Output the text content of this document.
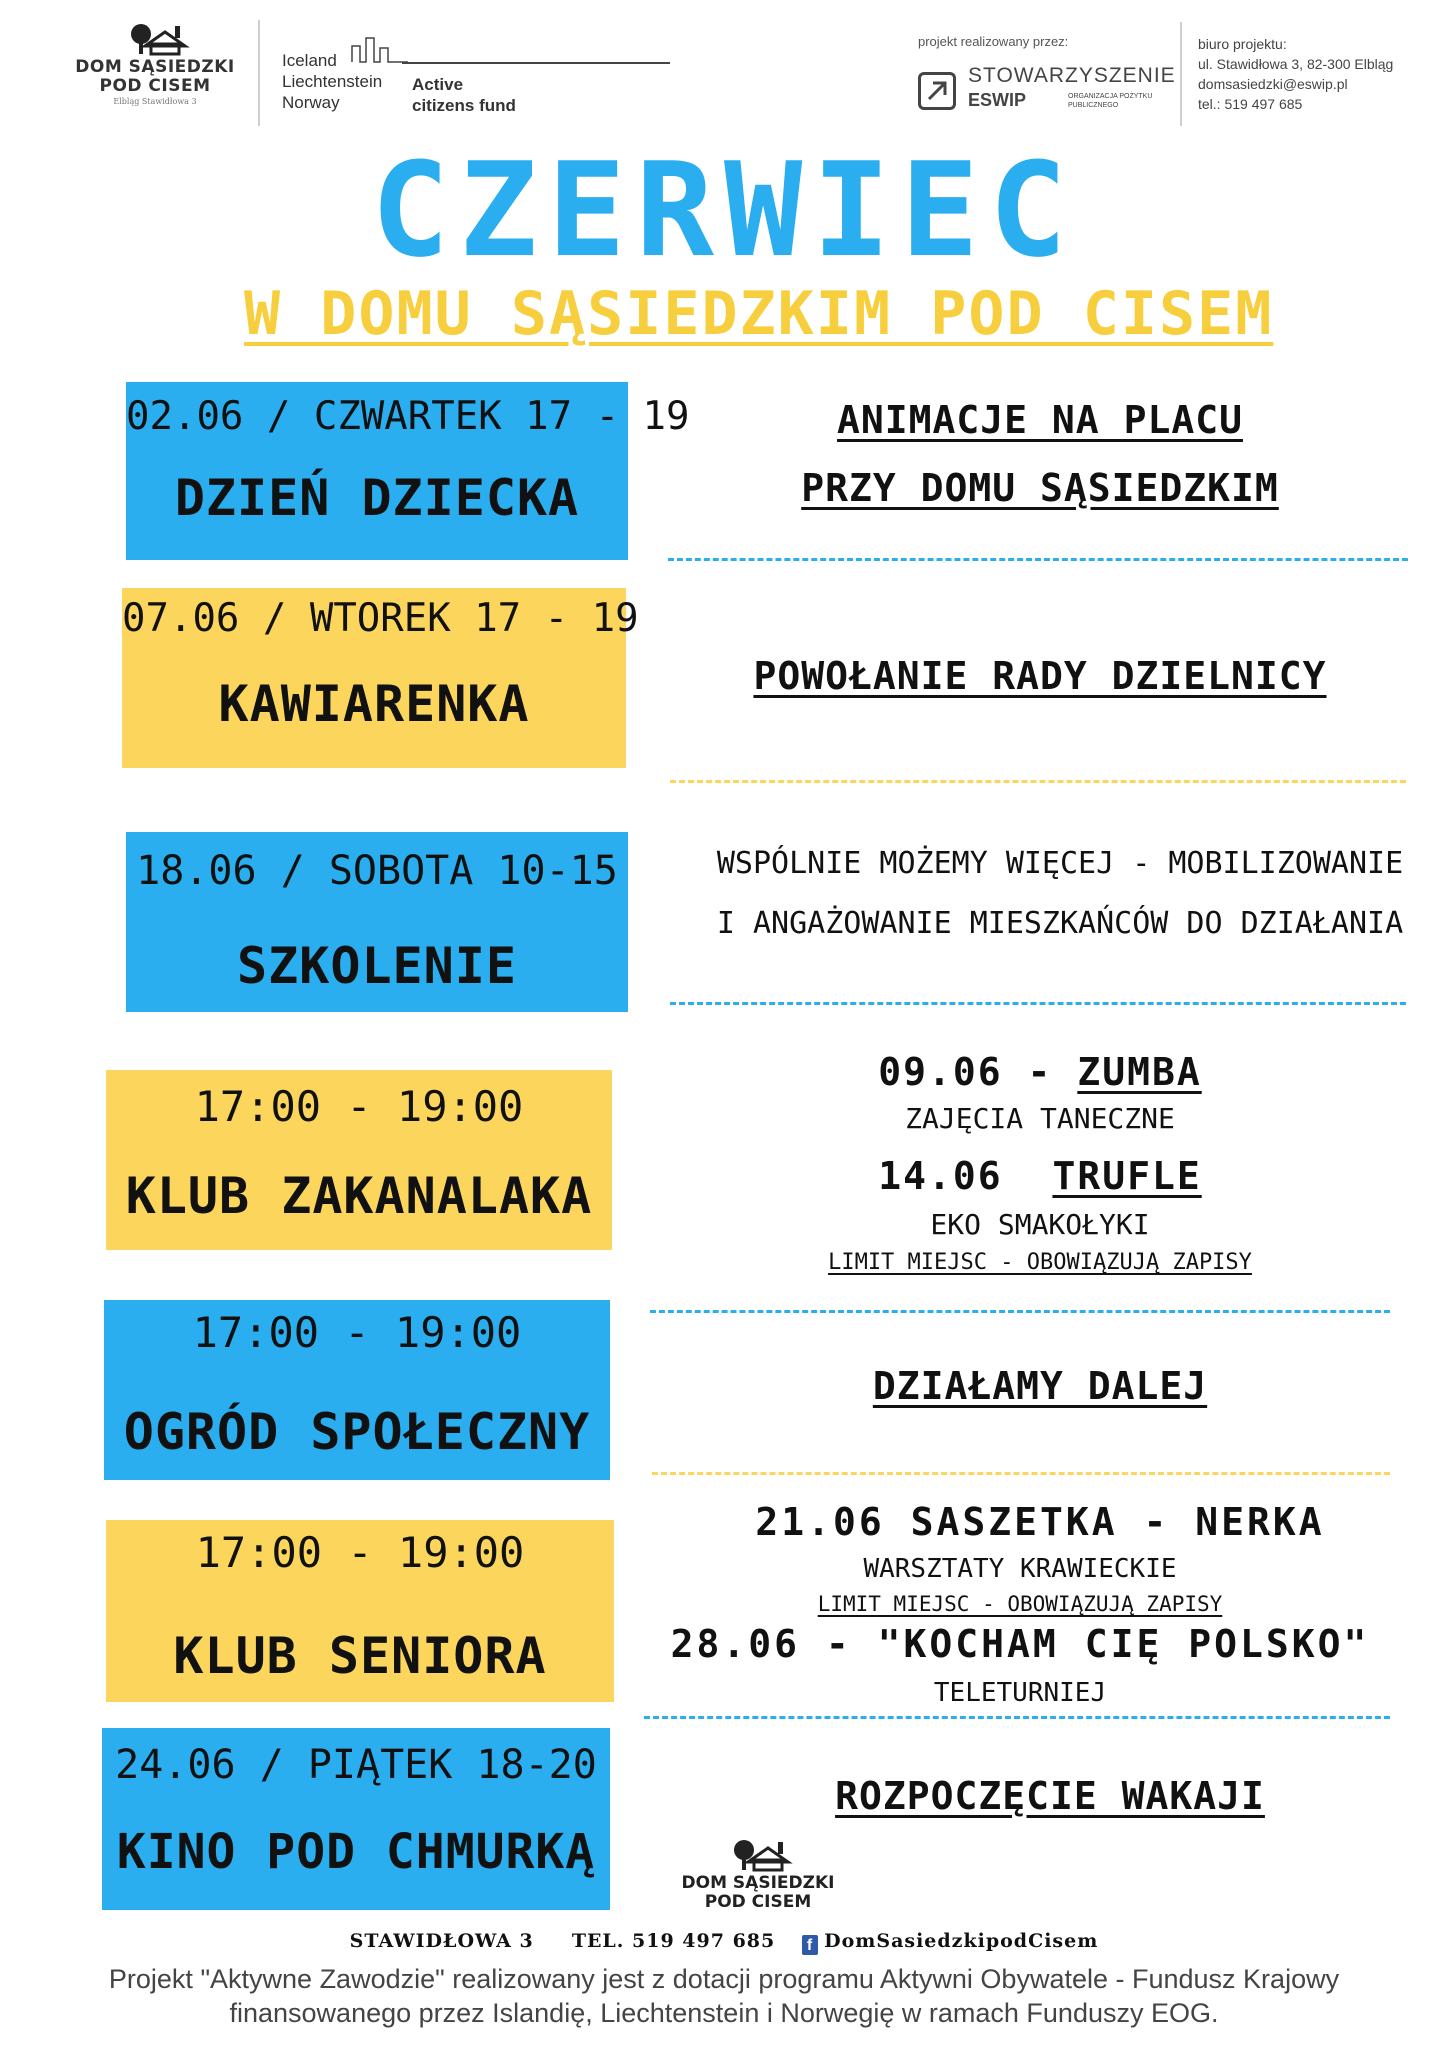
DOM SĄSIEDZKI
POD CISEM
Elbląg Stawidłowa 3
Iceland
Liechtenstein
Norway
Active
citizens fund
projekt realizowany przez:
STOWARZYSZENIE
ESWIP	ORGANIZACJA POŻYTKU PUBLICZNEGO
biuro projektu:
ul. Stawidłowa 3, 82-300 Elbląg
domsasiedzki@eswip.pl
tel.: 519 497 685
CZERWIEC
W DOMU SĄSIEDZKIM POD CISEM
02.06 / CZWARTEK 17 - 19
DZIEŃ DZIECKA
07.06 / WTOREK 17 - 19
KAWIARENKA
18.06 / SOBOTA 10-15
SZKOLENIE
17:00 - 19:00
KLUB ZAKANALAKA
17:00 - 19:00
OGRÓD SPOŁECZNY
17:00 - 19:00
KLUB SENIORA
24.06 / PIĄTEK 18-20
KINO POD CHMURKĄ
ANIMACJE NA PLACU
PRZY DOMU SĄSIEDZKIM
POWOŁANIE RADY DZIELNICY
WSPÓLNIE MOŻEMY WIĘCEJ - MOBILIZOWANIE
I ANGAŻOWANIE MIESZKAŃCÓW DO DZIAŁANIA
09.06 - ZUMBA
ZAJĘCIA TANECZNE
14.06  TRUFLE
EKO SMAKOŁYKI
LIMIT MIEJSC - OBOWIĄZUJĄ ZAPISY
DZIAŁAMY DALEJ
21.06 SASZETKA - NERKA
WARSZTATY KRAWIECKIE
LIMIT MIEJSC - OBOWIĄZUJĄ ZAPISY
28.06 - "KOCHAM CIĘ POLSKO"
TELETURNIEJ
ROZPOCZĘCIE WAKAJI
DOM SĄSIEDZKI
POD CISEM
STAWIDŁOWA 3 TEL. 519 497 685 f DomSasiedzkipodCisem
Projekt "Aktywne Zawodzie" realizowany jest z dotacji programu Aktywni Obywatele - Fundusz Krajowy
finansowanego przez Islandię, Liechtenstein i Norwegię w ramach Funduszy EOG.
